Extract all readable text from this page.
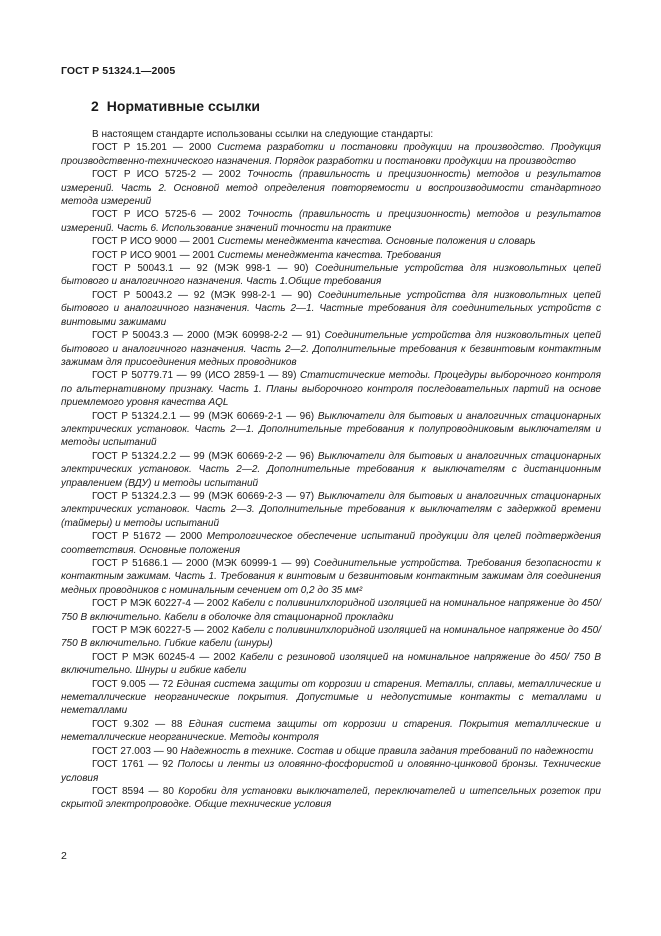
ГОСТ Р 51324.1—2005
2 Нормативные ссылки

В настоящем стандарте использованы ссылки на следующие стандарты:

ГОСТ Р 15.201 — 2000 Система разработки и постановки продукции на производство. Продукция производственно-технического назначения. Порядок разработки и постановки продукции на производство

ГОСТ Р ИСО 5725-2 — 2002 Точность (правильность и прецизионность) методов и результатов измерений. Часть 2. Основной метод определения повторяемости и воспроизводимости стандартного метода измерений

ГОСТ Р ИСО 5725-6 — 2002 Точность (правильность и прецизионность) методов и результатов измерений. Часть 6. Использование значений точности на практике

ГОСТ Р ИСО 9000 — 2001 Системы менеджмента качества. Основные положения и словарь

ГОСТ Р ИСО 9001 — 2001 Системы менеджмента качества. Требования

ГОСТ Р 50043.1 — 92 (МЭК 998-1 — 90) Соединительные устройства для низковольтных цепей бытового и аналогичного назначения. Часть 1.Общие требования

ГОСТ Р 50043.2 — 92 (МЭК 998-2-1 — 90) Соединительные устройства для низковольтных цепей бытового и аналогичного назначения. Часть 2—1. Частные требования для соединительных устройств с винтовыми зажимами

ГОСТ Р 50043.3 — 2000 (МЭК 60998-2-2 — 91) Соединительные устройства для низковольтных цепей бытового и аналогичного назначения. Часть 2—2. Дополнительные требования к безвинтовым контактным зажимам для присоединения медных проводников

ГОСТ Р 50779.71 — 99 (ИСО 2859-1 — 89) Статистические методы. Процедуры выборочного контроля по альтернативному признаку. Часть 1. Планы выборочного контроля последовательных партий на основе приемлемого уровня качества AQL

ГОСТ Р 51324.2.1 — 99 (МЭК 60669-2-1 — 96) Выключатели для бытовых и аналогичных стационарных электрических установок. Часть 2—1. Дополнительные требования к полупроводниковым выключателям и методы испытаний

ГОСТ Р 51324.2.2 — 99 (МЭК 60669-2-2 — 96) Выключатели для бытовых и аналогичных стационарных электрических установок. Часть 2—2. Дополнительные требования к выключателям с дистанционным управлением (ВДУ) и методы испытаний

ГОСТ Р 51324.2.3 — 99 (МЭК 60669-2-3 — 97) Выключатели для бытовых и аналогичных стационарных электрических установок. Часть 2—3. Дополнительные требования к выключателям с задержкой времени (таймеры) и методы испытаний

ГОСТ Р 51672 — 2000 Метрологическое обеспечение испытаний продукции для целей подтверждения соответствия. Основные положения

ГОСТ Р 51686.1 — 2000 (МЭК 60999-1 — 99) Соединительные устройства. Требования безопасности к контактным зажимам. Часть 1. Требования к винтовым и безвинтовым контактным зажимам для соединения медных проводников с номинальным сечением от 0,2 до 35 мм²

ГОСТ Р МЭК 60227-4 — 2002 Кабели с поливинилхлоридной изоляцией на номинальное напряжение до 450/ 750 В включительно. Кабели в оболочке для стационарной прокладки

ГОСТ Р МЭК 60227-5 — 2002 Кабели с поливинилхлоридной изоляцией на номинальное напряжение до 450/ 750 В включительно. Гибкие кабели (шнуры)

ГОСТ Р МЭК 60245-4 — 2002 Кабели с резиновой изоляцией на номинальное напряжение до 450/ 750 В включительно. Шнуры и гибкие кабели

ГОСТ 9.005 — 72 Единая система защиты от коррозии и старения. Металлы, сплавы, металлические и неметаллические неорганические покрытия. Допустимые и недопустимые контакты с металлами и неметаллами

ГОСТ 9.302 — 88 Единая система защиты от коррозии и старения. Покрытия металлические и неметаллические неорганические. Методы контроля

ГОСТ 27.003 — 90 Надежность в технике. Состав и общие правила задания требований по надежности

ГОСТ 1761 — 92 Полосы и ленты из оловянно-фосфористой и оловянно-цинковой бронзы. Технические условия

ГОСТ 8594 — 80 Коробки для установки выключателей, переключателей и штепсельных розеток при скрытой электропроводке. Общие технические условия

2
